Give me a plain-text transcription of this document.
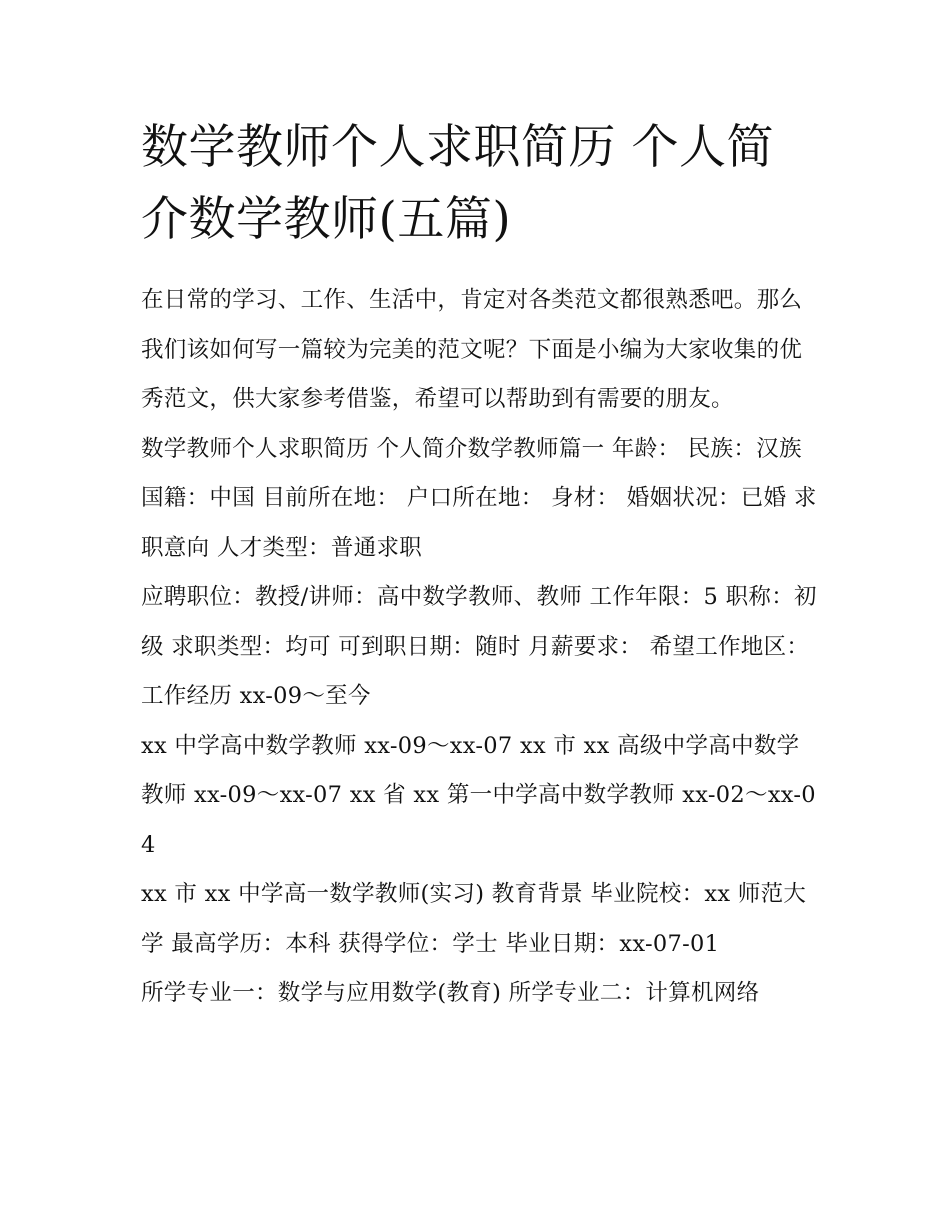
数学教师个人求职简历 个人简介数学教师(五篇)

在日常的学习、工作、生活中，肯定对各类范文都很熟悉吧。那么我们该如何写一篇较为完美的范文呢？下面是小编为大家收集的优秀范文，供大家参考借鉴，希望可以帮助到有需要的朋友。

数学教师个人求职简历 个人简介数学教师篇一 年龄： 民族：汉族 国籍：中国 目前所在地： 户口所在地： 身材： 婚姻状况：已婚 求职意向 人才类型：普通求职

应聘职位：教授/讲师：高中数学教师、教师 工作年限：5 职称：初级 求职类型：均可 可到职日期：随时 月薪要求： 希望工作地区： 工作经历 xx-09～至今

xx 中学高中数学教师 xx-09～xx-07 xx 市 xx 高级中学高中数学教师 xx-09～xx-07 xx 省 xx 第一中学高中数学教师 xx-02～xx-04

xx 市 xx 中学高一数学教师(实习) 教育背景 毕业院校：xx 师范大学 最高学历：本科 获得学位：学士 毕业日期：xx-07-01

所学专业一：数学与应用数学(教育) 所学专业二：计算机网络
